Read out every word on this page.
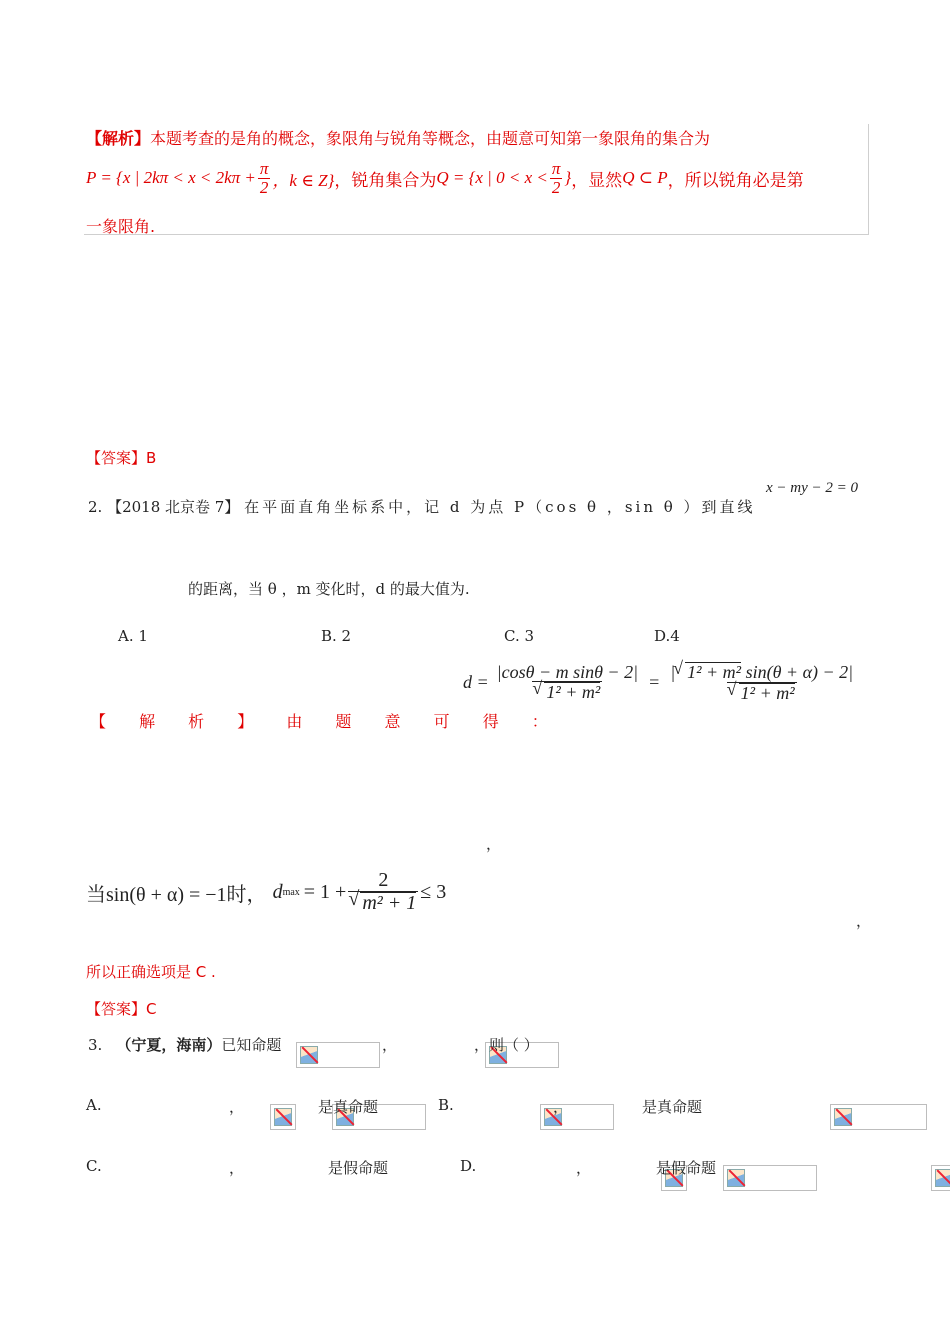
【解析】本题考查的是角的概念，象限角与锐角等概念，由题意可知第一象限角的集合为
P = {x | $2k\pi < x < 2k\pi + \frac{\pi}{2}$ ，k ∈ Z} ，锐角集合为 Q = {x | $0 < x < \frac{\pi}{2}$ } ，显然 Q ⊂ P ，所以锐角必是第
一象限角.
【答案】B
2. 【2018 北京卷 7】 在平面直角坐标系中，记 d 为点 P（cos θ ，sin θ ）到直线
x − my − 2 = 0
的距离，当 θ ，m 变化时，d 的最大值为.
A. 1	B. 2	C. 3	D.4
【 解 析 】 由 题 意 可 得 ：
d = |cosθ − m sinθ − 2|
√ 1² + m² = |√ 1² + m² sin(θ + α) − 2|
√ 1² + m²
，
当 sin(θ + α) = −1时， d max = 1 + 2
√ m² + 1 ≤ 3
，
所以正确选项是 C .
【答案】C
3. （宁夏，海南） 已知命题
	，
	，则（ ）
A.

	，
	是真命题	B.
	，
	是真命题
C.

	，
	是假命题	D.
	，	是假命题
